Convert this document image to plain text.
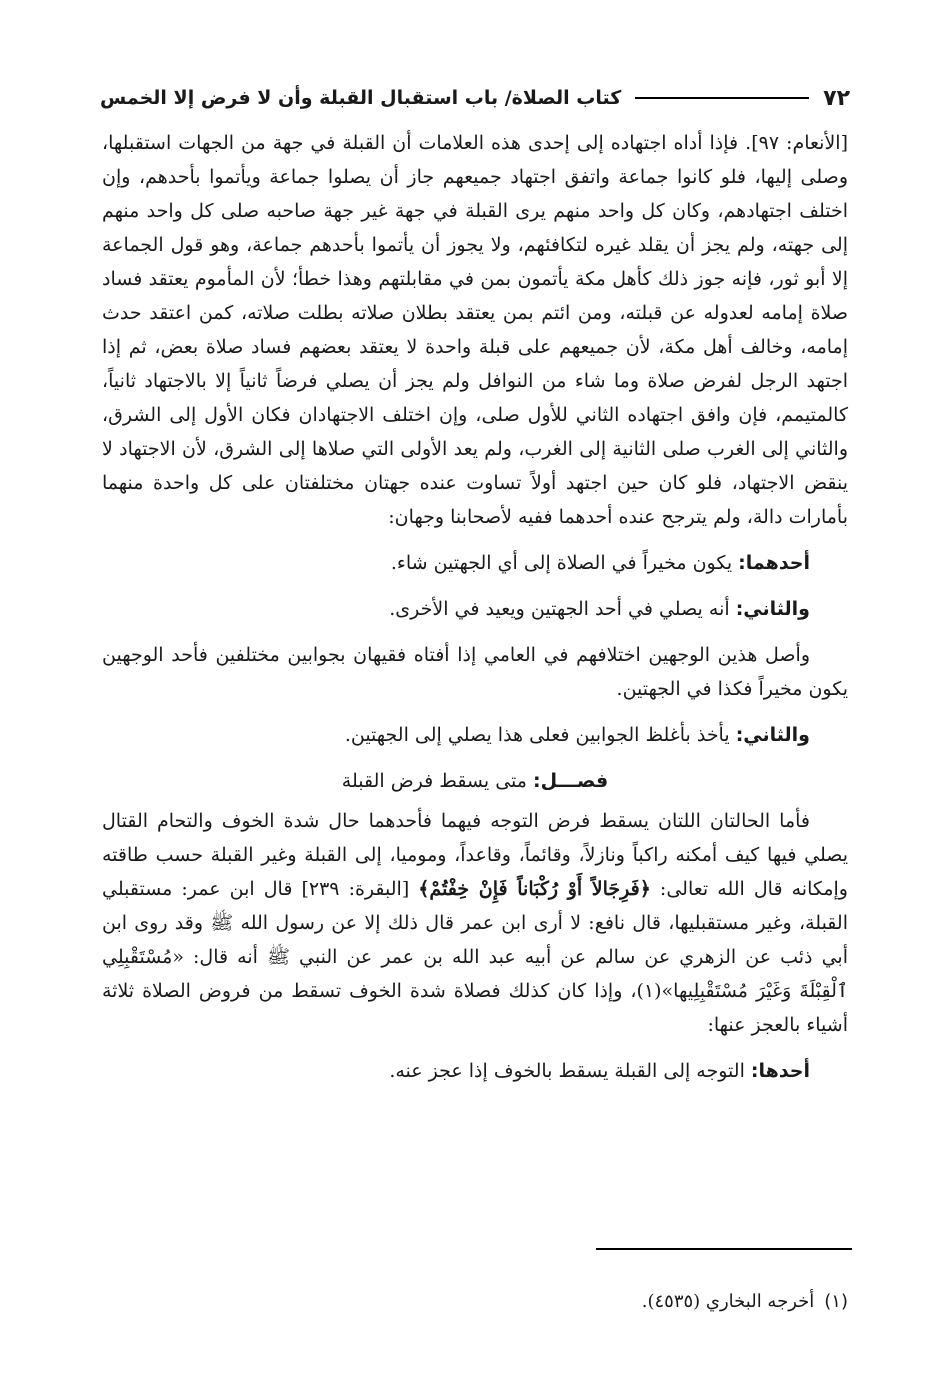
٧٢
كتاب الصلاة/ باب استقبال القبلة وأن لا فرض إلا الخمس

[الأنعام: ٩٧]. فإذا أداه اجتهاده إلى إحدى هذه العلامات أن القبلة في جهة من الجهات استقبلها، وصلى إليها، فلو كانوا جماعة واتفق اجتهاد جميعهم جاز أن يصلوا جماعة ويأتموا بأحدهم، وإن اختلف اجتهادهم، وكان كل واحد منهم يرى القبلة في جهة غير جهة صاحبه صلى كل واحد منهم إلى جهته، ولم يجز أن يقلد غيره لتكافئهم، ولا يجوز أن يأتموا بأحدهم جماعة، وهو قول الجماعة إلا أبو ثور، فإنه جوز ذلك كأهل مكة يأتمون بمن في مقابلتهم وهذا خطأ؛ لأن المأموم يعتقد فساد صلاة إمامه لعدوله عن قبلته، ومن ائتم بمن يعتقد بطلان صلاته بطلت صلاته، كمن اعتقد حدث إمامه، وخالف أهل مكة، لأن جميعهم على قبلة واحدة لا يعتقد بعضهم فساد صلاة بعض، ثم إذا اجتهد الرجل لفرض صلاة وما شاء من النوافل ولم يجز أن يصلي فرضاً ثانياً إلا بالاجتهاد ثانياً، كالمتيمم، فإن وافق اجتهاده الثاني للأول صلى، وإن اختلف الاجتهادان فكان الأول إلى الشرق، والثاني إلى الغرب صلى الثانية إلى الغرب، ولم يعد الأولى التي صلاها إلى الشرق، لأن الاجتهاد لا ينقض الاجتهاد، فلو كان حين اجتهد أولاً تساوت عنده جهتان مختلفتان على كل واحدة منهما بأمارات دالة، ولم يترجح عنده أحدهما ففيه لأصحابنا وجهان:

أحدهما: يكون مخيراً في الصلاة إلى أي الجهتين شاء.

والثاني: أنه يصلي في أحد الجهتين ويعيد في الأخرى.

وأصل هذين الوجهين اختلافهم في العامي إذا أفتاه فقيهان بجوابين مختلفين فأحد الوجهين يكون مخيراً فكذا في الجهتين.

والثاني: يأخذ بأغلظ الجوابين فعلى هذا يصلي إلى الجهتين.

فصـــل: متى يسقط فرض القبلة

فأما الحالتان اللتان يسقط فرض التوجه فيهما فأحدهما حال شدة الخوف والتحام القتال يصلي فيها كيف أمكنه راكباً ونازلاً، وقائماً، وقاعداً، وموميا، إلى القبلة وغير القبلة حسب طاقته وإمكانه قال الله تعالى: ﴿فَرِجَالاً أَوْ رُكْبَاناً فَإِنْ خِفْتُمْ﴾ [البقرة: ٢٣٩] قال ابن عمر: مستقبلي القبلة، وغير مستقبليها، قال نافع: لا أرى ابن عمر قال ذلك إلا عن رسول الله ﷺ وقد روى ابن أبي ذئب عن الزهري عن سالم عن أبيه عبد الله بن عمر عن النبي ﷺ أنه قال: «مُسْتَقْبِلِي ٱلْقِبْلَةَ وَغَيْرَ مُسْتَقْبِلِيها»(١)، وإذا كان كذلك فصلاة شدة الخوف تسقط من فروض الصلاة ثلاثة أشياء بالعجز عنها:

أحدها: التوجه إلى القبلة يسقط بالخوف إذا عجز عنه.

(١)أخرجه البخاري (٤٥٣٥).
